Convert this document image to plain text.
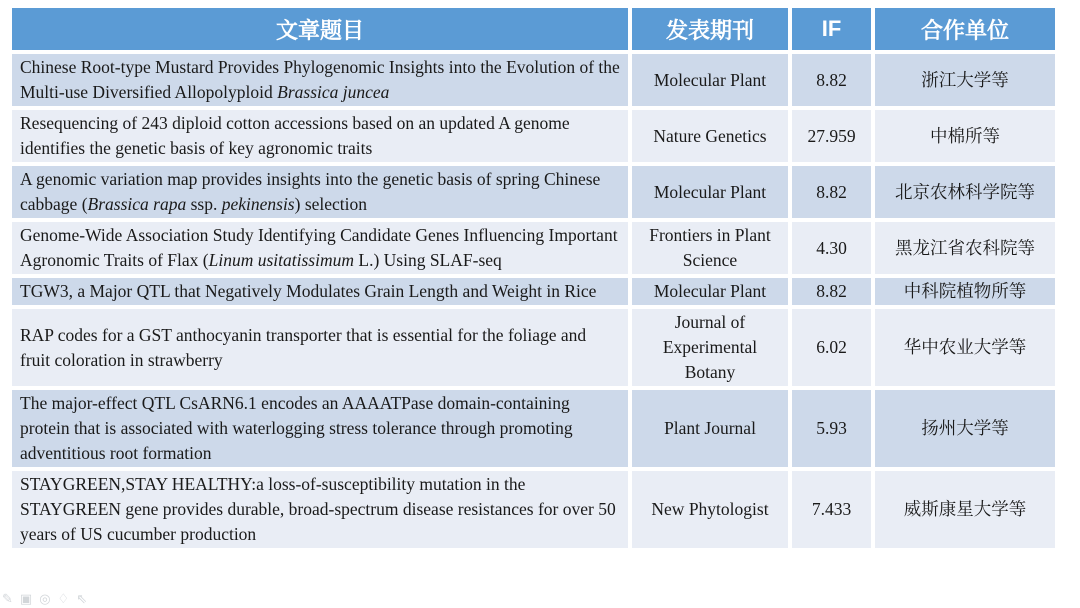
文章题目	发表期刊	IF	合作单位
Chinese Root-type Mustard Provides Phylogenomic Insights into the Evolution of the Multi-use Diversified Allopolyploid Brassica juncea	Molecular Plant	8.82	浙江大学等
Resequencing of 243 diploid cotton accessions based on an updated A genome identifies the genetic basis of key agronomic traits	Nature Genetics	27.959	中棉所等
A genomic variation map provides insights into the genetic basis of spring Chinese cabbage (Brassica rapa ssp. pekinensis) selection	Molecular Plant	8.82	北京农林科学院等
Genome-Wide Association Study Identifying Candidate Genes Influencing Important Agronomic Traits of Flax (Linum usitatissimum L.) Using SLAF-seq	Frontiers in Plant Science	4.30	黑龙江省农科院等
TGW3, a Major QTL that Negatively Modulates Grain Length and Weight in Rice	Molecular Plant	8.82	中科院植物所等
RAP codes for a GST anthocyanin transporter that is essential for the foliage and fruit coloration in strawberry	Journal of Experimental Botany	6.02	华中农业大学等
The major-effect QTL CsARN6.1 encodes an AAAATPase domain-containing protein that is associated with waterlogging stress tolerance through promoting adventitious root formation	Plant Journal	5.93	扬州大学等
STAYGREEN,STAY HEALTHY:a loss-of-susceptibility mutation in the STAYGREEN gene provides durable, broad-spectrum disease resistances for over 50 years of US cucumber production	New Phytologist	7.433	威斯康星大学等
✎ ▣ ◎ ♢ ⇖
